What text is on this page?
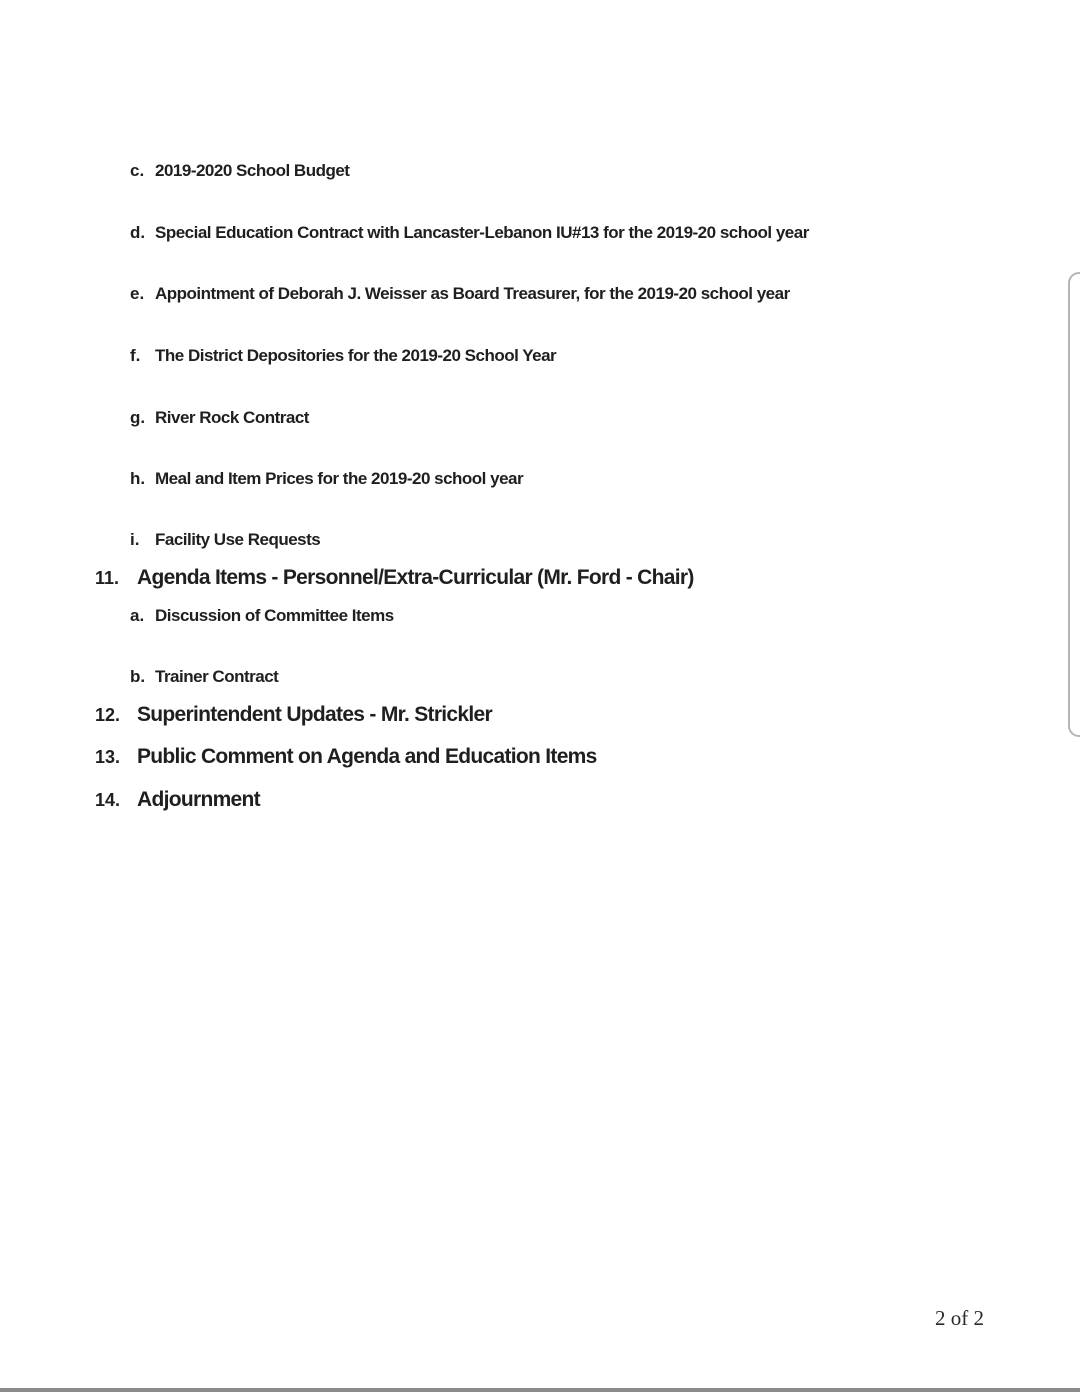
c. 2019-2020 School Budget
d. Special Education Contract with Lancaster-Lebanon IU#13 for the 2019-20 school year
e. Appointment of Deborah J. Weisser as Board Treasurer, for the 2019-20 school year
f. The District Depositories for the 2019-20 School Year
g. River Rock Contract
h. Meal and Item Prices for the 2019-20 school year
i. Facility Use Requests
11. Agenda Items - Personnel/Extra-Curricular (Mr. Ford - Chair)
a. Discussion of Committee Items
b. Trainer Contract
12. Superintendent Updates - Mr. Strickler
13. Public Comment on Agenda and Education Items
14. Adjournment
2 of 2
